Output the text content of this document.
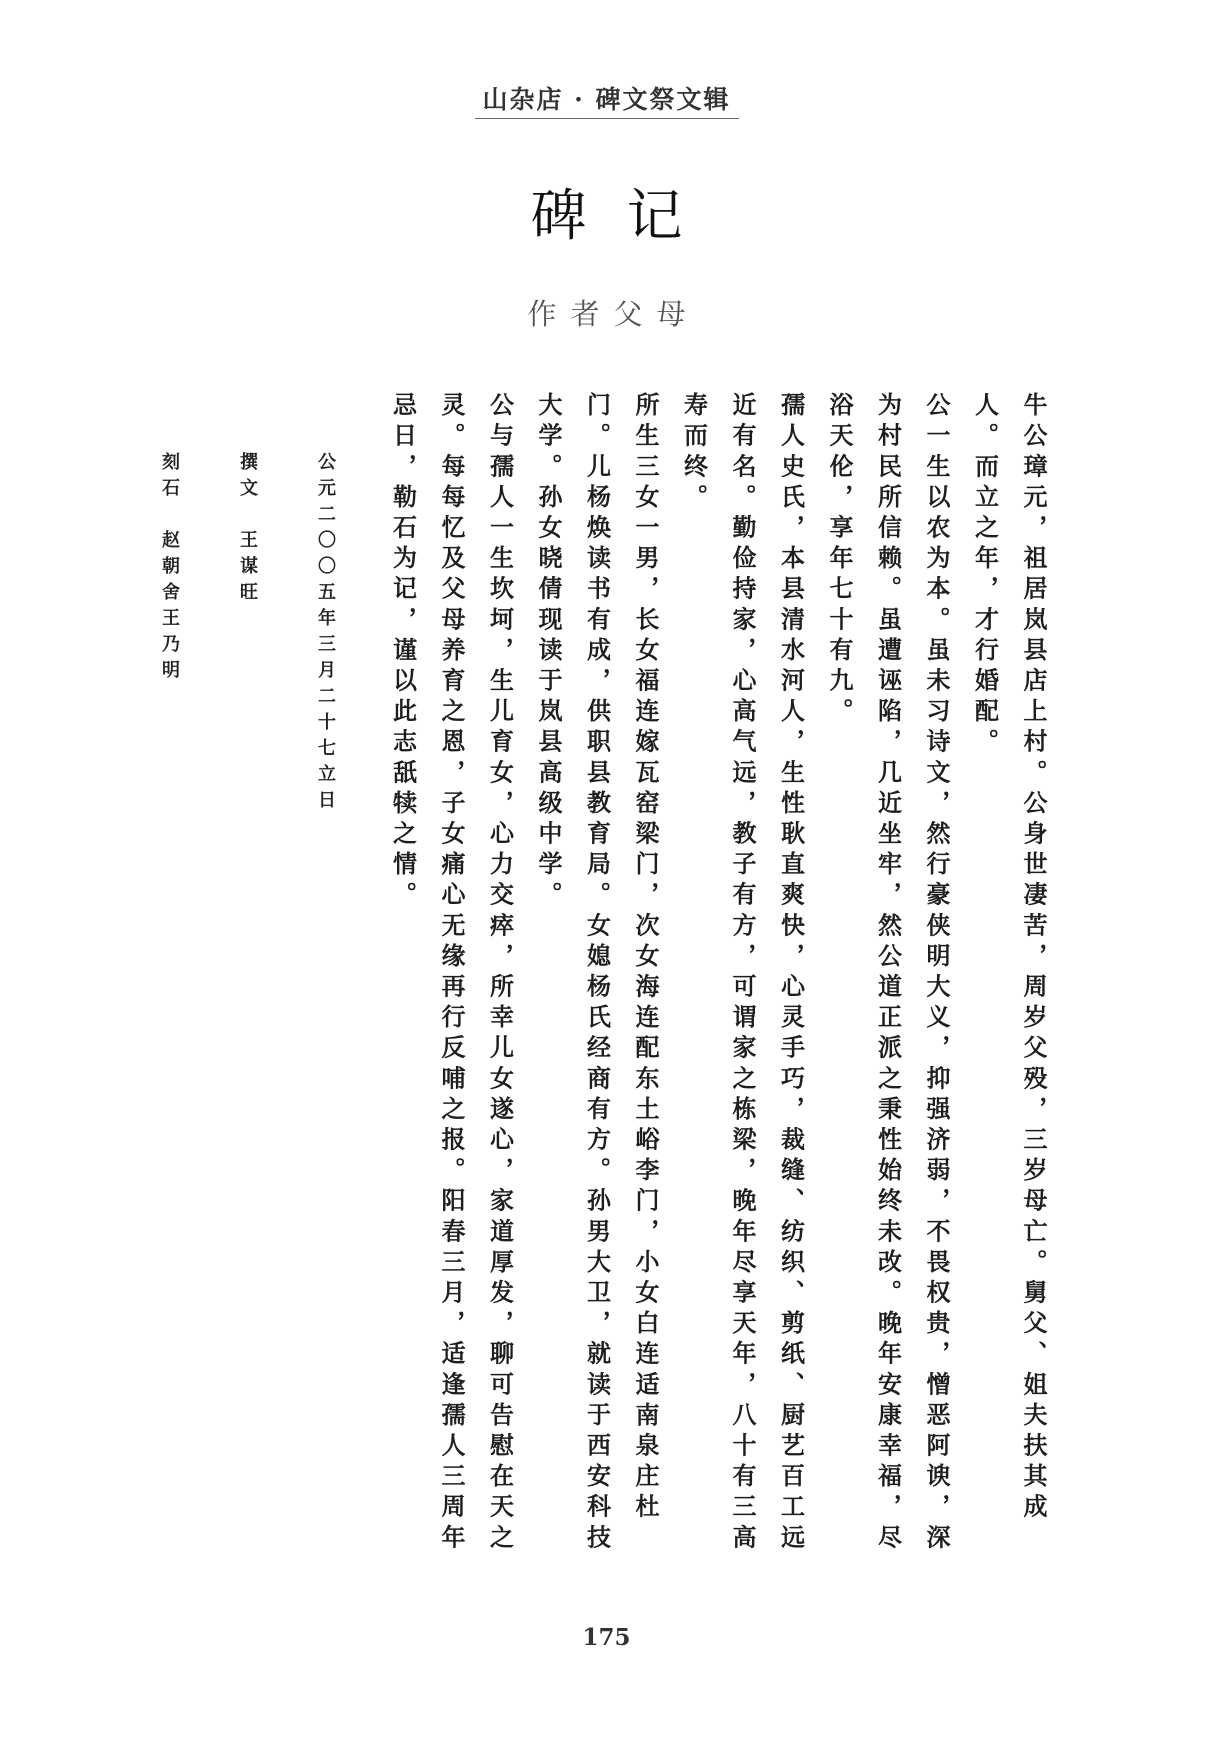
山杂店 · 碑文祭文辑
碑记
作者父母

牛公璋元，祖居岚县店上村。公身世凄苦，周岁父殁，三岁母亡。舅父、姐夫扶其成人。而立之年，才行婚配。

公一生以农为本。虽未习诗文，然行豪侠明大义，抑强济弱，不畏权贵，憎恶阿谀，深为村民所信赖。虽遭诬陷，几近坐牢，然公道正派之秉性始终未改。晚年安康幸福，尽浴天伦，享年七十有九。

孺人史氏，本县清水河人，生性耿直爽快，心灵手巧，裁缝、纺织、剪纸、厨艺百工远近有名。勤俭持家，心高气远，教子有方，可谓家之栋梁，晚年尽享天年，八十有三高寿而终。

所生三女一男，长女福连嫁瓦窑梁门，次女海连配东土峪李门，小女白连适南泉庄杜门。儿杨焕读书有成，供职县教育局。女媳杨氏经商有方。孙男大卫，就读于西安科技大学。孙女晓倩现读于岚县高级中学。

公与孺人一生坎坷，生儿育女，心力交瘁，所幸儿女遂心，家道厚发，聊可告慰在天之灵。每每忆及父母养育之恩，子女痛心无缘再行反哺之报。阳春三月，适逢孺人三周年忌日，勒石为记，谨以此志舐犊之情。

公元二〇〇五年三月二十七立日
撰文王谋旺
刻石赵朝舍王乃明
175
